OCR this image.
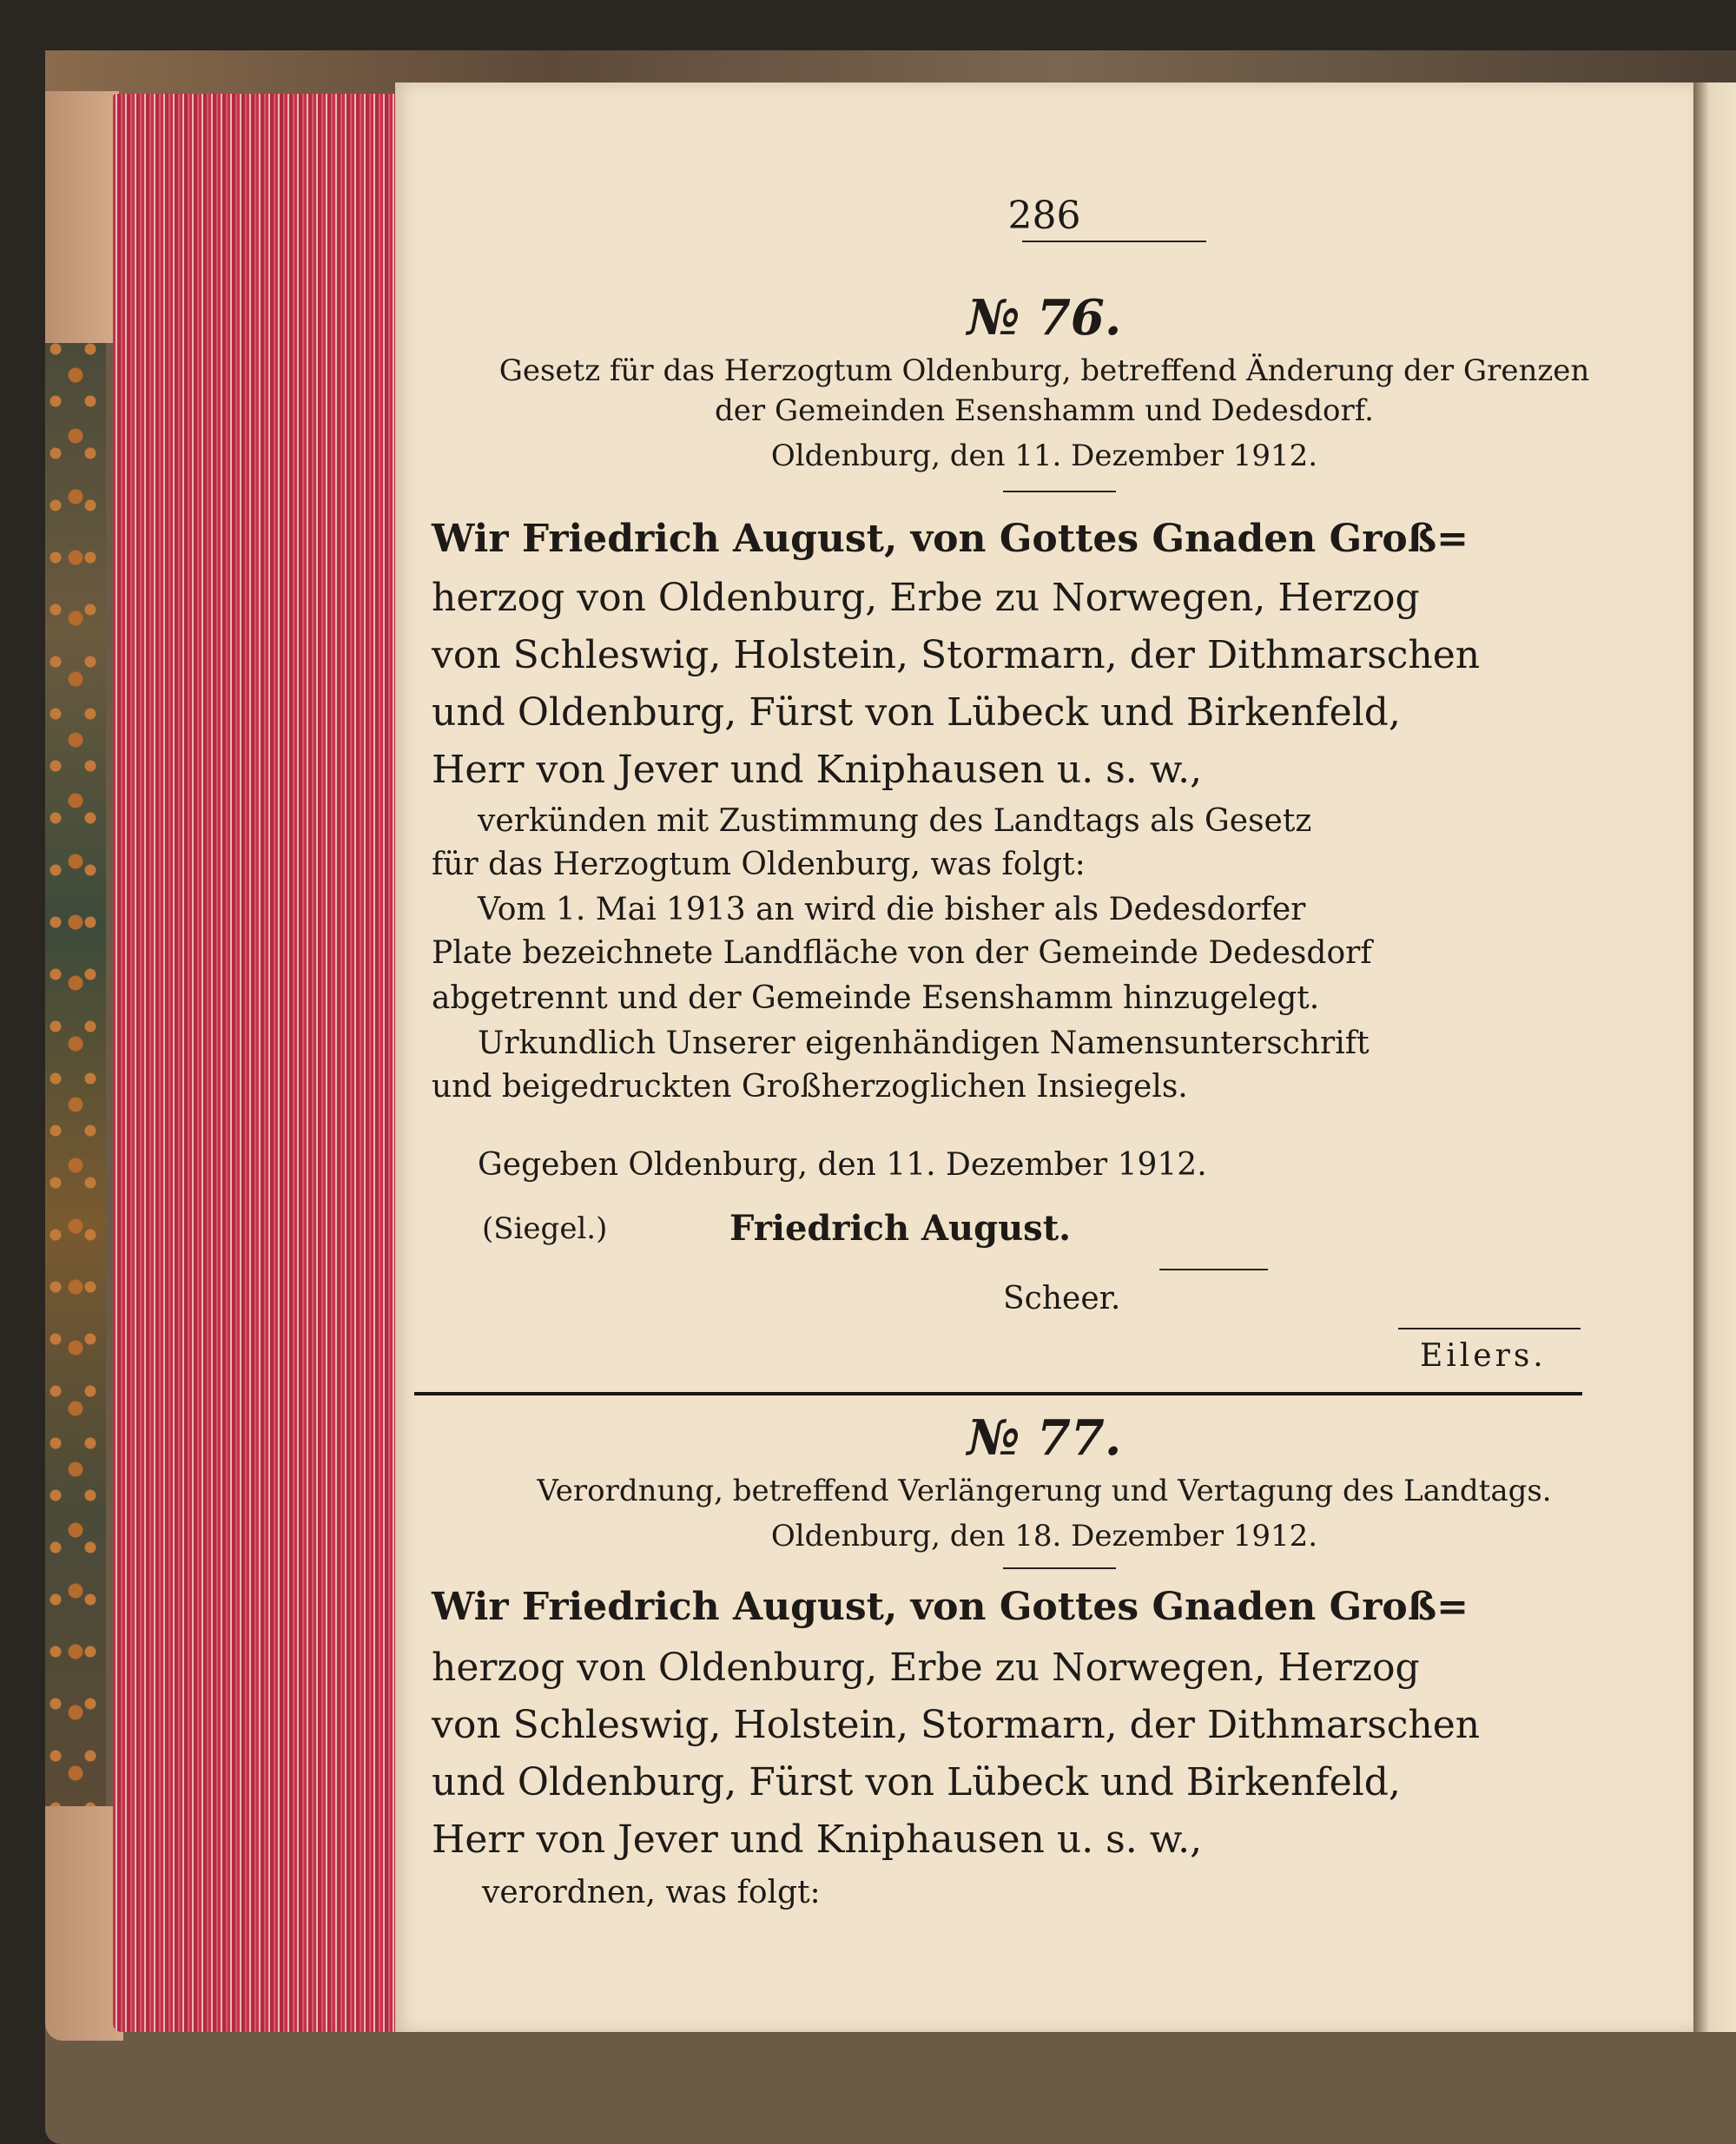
286
№ 76.
Gesetz für das Herzogtum Oldenburg, betreffend Änderung der Grenzen
der Gemeinden Esenshamm und Dedesdorf.
Oldenburg, den 11. Dezember 1912.
Wir Friedrich August, von Gottes Gnaden Groß=
herzog von Oldenburg, Erbe zu Norwegen, Herzog
von Schleswig, Holstein, Stormarn, der Dithmarschen
und Oldenburg, Fürst von Lübeck und Birkenfeld,
Herr von Jever und Kniphausen u. s. w.,
verkünden mit Zustimmung des Landtags als Gesetz
für das Herzogtum Oldenburg, was folgt:
Vom 1. Mai 1913 an wird die bisher als Dedesdorfer
Plate bezeichnete Landfläche von der Gemeinde Dedesdorf
abgetrennt und der Gemeinde Esenshamm hinzugelegt.
Urkundlich Unserer eigenhändigen Namensunterschrift
und beigedruckten Großherzoglichen Insiegels.
Gegeben Oldenburg, den 11. Dezember 1912.
(Siegel.)	Friedrich August.
Scheer.
Eilers.
№ 77.
Verordnung, betreffend Verlängerung und Vertagung des Landtags.
Oldenburg, den 18. Dezember 1912.
Wir Friedrich August, von Gottes Gnaden Groß=
herzog von Oldenburg, Erbe zu Norwegen, Herzog
von Schleswig, Holstein, Stormarn, der Dithmarschen
und Oldenburg, Fürst von Lübeck und Birkenfeld,
Herr von Jever und Kniphausen u. s. w.,
verordnen, was folgt:
